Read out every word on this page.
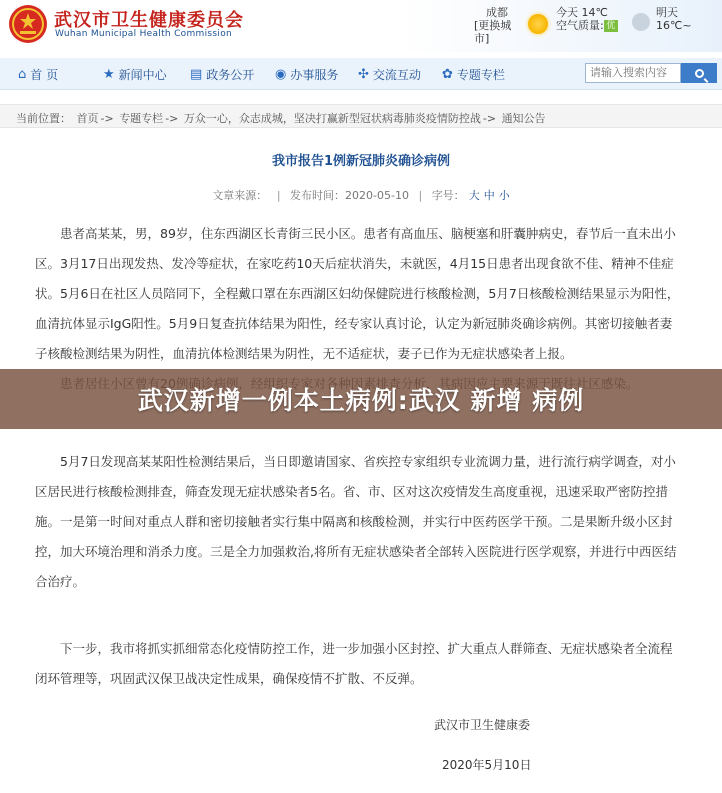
武汉市卫生健康委员会
Wuhan Municipal Health Commission
成都
[更换城市]
今天 14℃
空气质量: 优
明天
16℃~
⌂ 首 页	★ 新闻中心 ▤ 政务公开 ◉ 办事服务 ✣ 交流互动 ✿ 专题专栏
请输入搜索内容
当前位置： 首页 -> 专题专栏 -> 万众一心，众志成城，坚决打赢新型冠状病毒肺炎疫情防控战 -> 通知公告
我市报告1例新冠肺炎确诊病例
文章来源： | 发布时间：2020-05-10 | 字号： 大 中 小
患者高某某，男，89岁，住东西湖区长青街三民小区。患者有高血压、脑梗塞和肝囊肿病史，春节后一直未出小
区。3月17日出现发热、发冷等症状，在家吃药10天后症状消失，未就医，4月15日患者出现食欲不佳、精神不佳症
状。5月6日在社区人员陪同下，全程戴口罩在东西湖区妇幼保健院进行核酸检测，5月7日核酸检测结果显示为阳性，
血清抗体显示IgG阳性。5月9日复查抗体结果为阳性，经专家认真讨论，认定为新冠肺炎确诊病例。其密切接触者妻
子核酸检测结果为阴性，血清抗体检测结果为阴性，无不适症状，妻子已作为无症状感染者上报。
5月7日发现高某某阳性检测结果后，当日即邀请国家、省疾控专家组织专业流调力量，进行流行病学调查，对小
区居民进行核酸检测排查，筛查发现无症状感染者5名。省、市、区对这次疫情发生高度重视，迅速采取严密防控措
施。一是第一时间对重点人群和密切接触者实行集中隔离和核酸检测，并实行中医药医学干预。二是果断升级小区封
控，加大环境治理和消杀力度。三是全力加强救治,将所有无症状感染者全部转入医院进行医学观察，并进行中西医结
合治疗。
下一步，我市将抓实抓细常态化疫情防控工作，进一步加强小区封控、扩大重点人群筛查、无症状感染者全流程
闭环管理等，巩固武汉保卫战决定性成果，确保疫情不扩散、不反弹。
武汉市卫生健康委
2020年5月10日
武汉新增一例本土病例:武汉 新增 病例
